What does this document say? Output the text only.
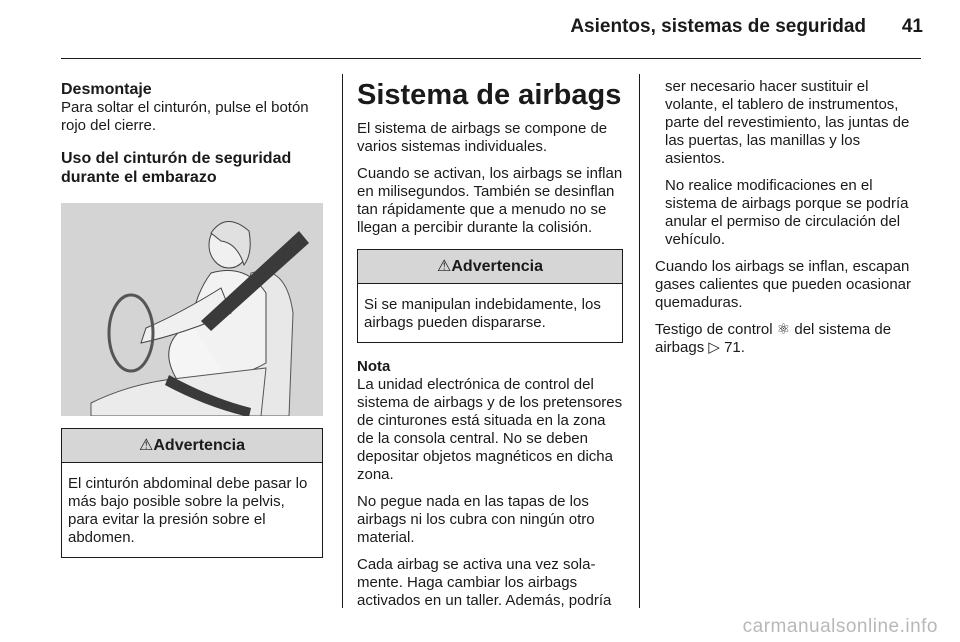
Asientos, sistemas de seguridad 41
Desmontaje

Para soltar el cinturón, pulse el botón rojo del cierre.

Uso del cinturón de seguridad durante el embarazo
⚠Advertencia
El cinturón abdominal debe pasar lo más bajo posible sobre la pelvis, para evitar la presión sobre el abdomen.
Sistema de airbags

El sistema de airbags se compone de varios sistemas individuales.

Cuando se activan, los airbags se inflan en milisegundos. También se desinflan tan rápidamente que a menudo no se llegan a percibir durante la colisión.

⚠Advertencia
Si se manipulan indebidamente, los airbags pueden dispararse.
Nota

La unidad electrónica de control del sistema de airbags y de los pretensores de cinturones está situada en la zona de la consola central. No se deben depositar objetos magnéticos en dicha zona.

No pegue nada en las tapas de los airbags ni los cubra con ningún otro material.

Cada airbag se activa una vez sola-mente. Haga cambiar los airbags activados en un taller. Además, podría

ser necesario hacer sustituir el volante, el tablero de instrumentos, parte del revestimiento, las juntas de las puertas, las manillas y los asientos.

No realice modificaciones en el sistema de airbags porque se podría anular el permiso de circulación del vehículo.

Cuando los airbags se inflan, escapan gases calientes que pueden ocasionar quemaduras.

Testigo de control ⚛ del sistema de airbags ▷ 71.

carmanualsonline.info
